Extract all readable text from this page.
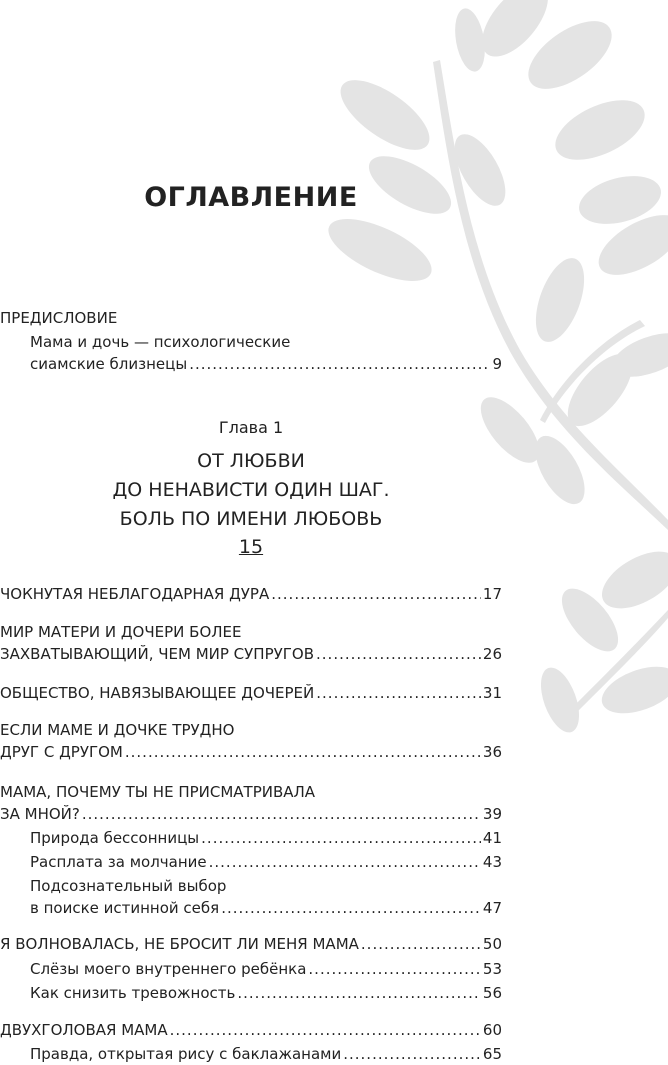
ОГЛАВЛЕНИЕ
ПРЕДИСЛОВИЕ
Мама и дочь — психологические
сиамские близнецы .....	9
Глава 1
ОТ ЛЮБВИ
ДО НЕНАВИСТИ ОДИН ШАГ.
БОЛЬ ПО ИМЕНИ ЛЮБОВЬ
15
ЧОКНУТАЯ НЕБЛАГОДАРНАЯ ДУРА .....	17
МИР МАТЕРИ И ДОЧЕРИ БОЛЕЕ
ЗАХВАТЫВАЮЩИЙ, ЧЕМ МИР СУПРУГОВ .....	26
ОБЩЕСТВО, НАВЯЗЫВАЮЩЕЕ ДОЧЕРЕЙ .....	31
ЕСЛИ МАМЕ И ДОЧКЕ ТРУДНО
ДРУГ С ДРУГОМ .....	36
МАМА, ПОЧЕМУ ТЫ НЕ ПРИСМАТРИВАЛА
ЗА МНОЙ? .....	39
Природа бессонницы .....	41
Расплата за молчание .....	43
Подсознательный выбор
в поиске истинной себя .....	47
Я ВОЛНОВАЛАСЬ, НЕ БРОСИТ ЛИ МЕНЯ МАМА .....	50
Слёзы моего внутреннего ребёнка .....	53
Как снизить тревожность .....	56
ДВУХГОЛОВАЯ МАМА .....	60
Правда, открытая рису с баклажанами .....	65
